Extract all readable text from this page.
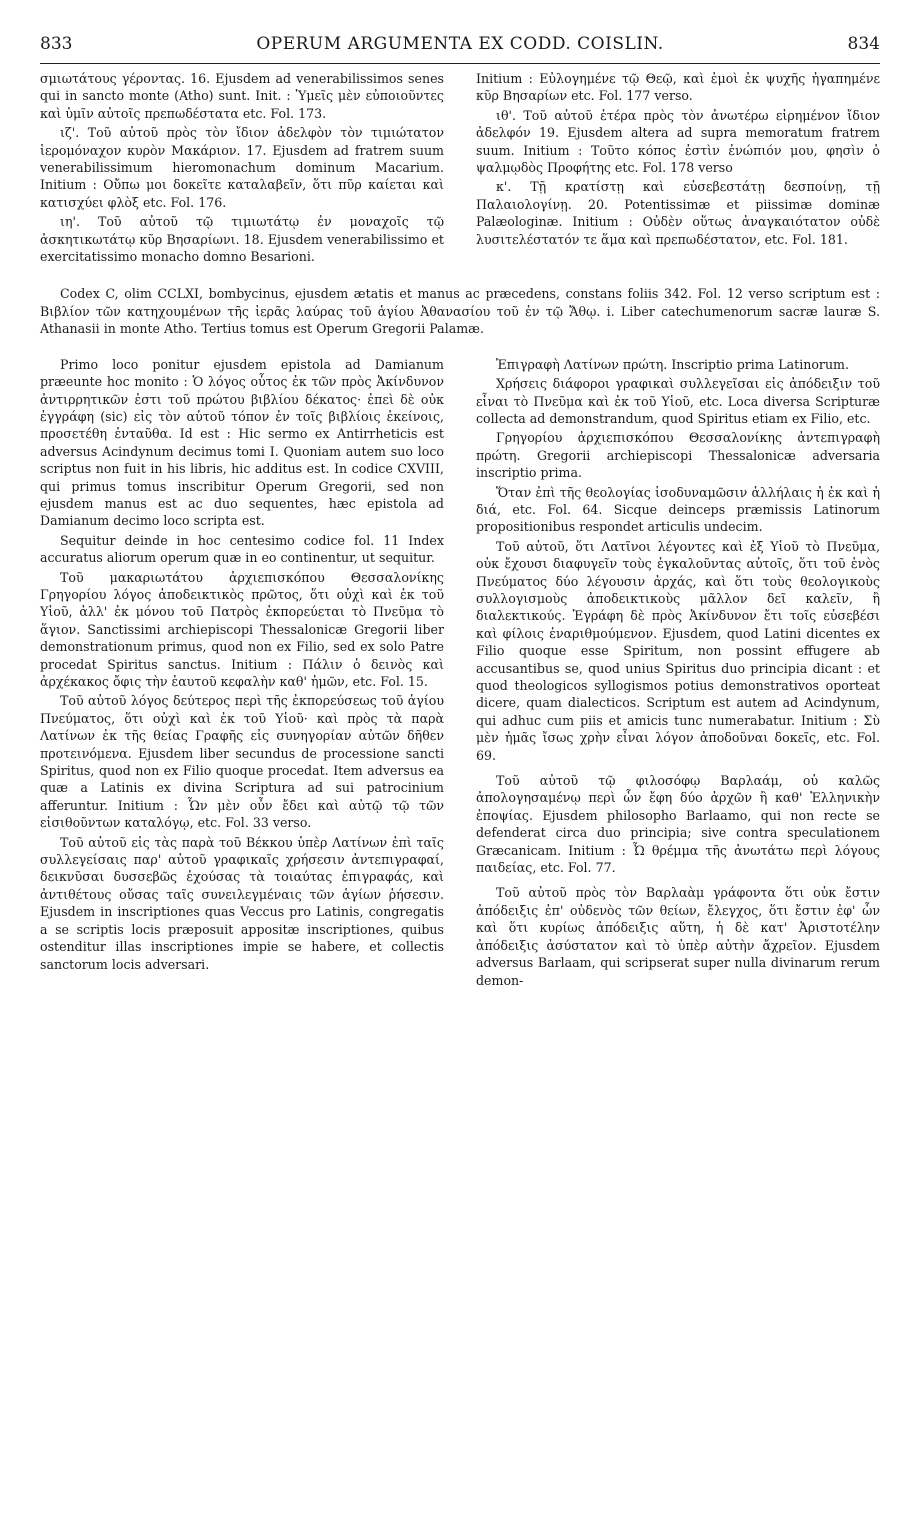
833	OPERUM ARGUMENTA EX CODD. COISLIN.	834

σμιωτάτους γέροντας. 16. Ejusdem ad venerabilissimos senes qui in sancto monte (Atho) sunt. Init. : Ὑμεῖς μὲν εὐποιοῦντες καὶ ὑμῖν αὐτοῖς πρεπωδέστατα etc. Fol. 173.

ιζ'. Τοῦ αὐτοῦ πρὸς τὸν ἴδιον ἀδελφὸν τὸν τιμιώτατον ἱερομόναχον κυρὸν Μακάριον. 17. Ejusdem ad fratrem suum venerabilissimum hieromonachum dominum Macarium. Initium : Οὔπω μοι δοκεῖτε καταλαβεῖν, ὅτι πῦρ καίεται καὶ κατισχύει φλὸξ etc. Fol. 176.

ιη'. Τοῦ αὐτοῦ τῷ τιμιωτάτῳ ἐν μοναχοῖς τῷ ἀσκητικωτάτῳ κῦρ Βησαρίωνι. 18. Ejusdem venerabilissimo et exercitatissimo monacho domno Besarioni.

Initium : Εὐλογημένε τῷ Θεῷ, καὶ ἐμοὶ ἐκ ψυχῆς ἠγαπημένε κῦρ Βησαρίων etc. Fol. 177 verso.

ιθ'. Τοῦ αὐτοῦ ἑτέρα πρὸς τὸν ἀνωτέρω εἰρημένον ἴδιον ἀδελφόν 19. Ejusdem altera ad supra memoratum fratrem suum. Initium : Τοῦτο κόπος ἐστὶν ἐνώπιόν μου, φησὶν ὁ ψαλμῳδὸς Προφήτης etc. Fol. 178 verso

κ'. Τῇ κρατίστῃ καὶ εὐσεβεστάτῃ δεσποίνῃ, τῇ Παλαιολογίνῃ. 20. Potentissimæ et piissimæ dominæ Palæologinæ. Initium : Οὐδὲν οὕτως ἀναγκαιότατον οὐδὲ λυσιτελέστατόν τε ἅμα καὶ πρεπωδέστατον, etc. Fol. 181.

Codex C, olim CCLXI, bombycinus, ejusdem ætatis et manus ac præcedens, constans foliis 342. Fol. 12 verso scriptum est : Βιβλίον τῶν κατηχουμένων τῆς ἱερᾶς λαύρας τοῦ ἁγίου Ἀθανασίου τοῦ ἐν τῷ Ἄθῳ. i. Liber catechumenorum sacræ lauræ S. Athanasii in monte Atho. Tertius tomus est Operum Gregorii Palamæ.

Primo loco ponitur ejusdem epistola ad Damianum præeunte hoc monito : Ὁ λόγος οὗτος ἐκ τῶν πρὸς Ἀκίνδυνον ἀντιρρητικῶν ἐστι τοῦ πρώτου βιβλίου δέκατος· ἐπεὶ δὲ οὐκ ἐγγράφη (sic) εἰς τὸν αὐτοῦ τόπον ἐν τοῖς βιβλίοις ἐκείνοις, προσετέθη ἐνταῦθα. Id est : Hic sermo ex Antirrheticis est adversus Acindynum decimus tomi I. Quoniam autem suo loco scriptus non fuit in his libris, hic additus est. In codice CXVIII, qui primus tomus inscribitur Operum Gregorii, sed non ejusdem manus est ac duo sequentes, hæc epistola ad Damianum decimo loco scripta est.

Sequitur deinde in hoc centesimo codice fol. 11 Index accuratus aliorum operum quæ in eo continentur, ut sequitur.

Τοῦ μακαριωτάτου ἀρχιεπισκόπου Θεσσαλονίκης Γρηγορίου λόγος ἀποδεικτικὸς πρῶτος, ὅτι οὐχὶ καὶ ἐκ τοῦ Υἱοῦ, ἀλλ' ἐκ μόνου τοῦ Πατρὸς ἐκπορεύεται τὸ Πνεῦμα τὸ ἅγιον. Sanctissimi archiepiscopi Thessalonicæ Gregorii liber demonstrationum primus, quod non ex Filio, sed ex solo Patre procedat Spiritus sanctus. Initium : Πάλιν ὁ δεινὸς καὶ ἀρχέκακος ὄφις τὴν ἑαυτοῦ κεφαλὴν καθ' ἡμῶν, etc. Fol. 15.

Τοῦ αὐτοῦ λόγος δεύτερος περὶ τῆς ἐκπορεύσεως τοῦ ἁγίου Πνεύματος, ὅτι οὐχὶ καὶ ἐκ τοῦ Υἱοῦ· καὶ πρὸς τὰ παρὰ Λατίνων ἐκ τῆς θείας Γραφῆς εἰς συνηγορίαν αὐτῶν δῆθεν προτεινόμενα. Ejusdem liber secundus de processione sancti Spiritus, quod non ex Filio quoque procedat. Item adversus ea quæ a Latinis ex divina Scriptura ad sui patrocinium afferuntur. Initium : Ὧν μὲν οὖν ἔδει καὶ αὐτῷ τῷ τῶν εἰσιθοῦντων καταλόγῳ, etc. Fol. 33 verso.

Τοῦ αὐτοῦ εἰς τὰς παρὰ τοῦ Βέκκου ὑπὲρ Λατίνων ἐπὶ ταῖς συλλεγείσαις παρ' αὐτοῦ γραφικαῖς χρήσεσιν ἀντεπιγραφαί, δεικνῦσαι δυσσεβῶς ἐχούσας τὰ τοιαύτας ἐπιγραφάς, καὶ ἀντιθέτους οὔσας ταῖς συνειλεγμέναις τῶν ἁγίων ῥήσεσιν. Ejusdem in inscriptiones quas Veccus pro Latinis, congregatis a se scriptis locis præposuit appositæ inscriptiones, quibus ostenditur illas inscriptiones impie se habere, et collectis sanctorum locis adversari.

Ἐπιγραφὴ Λατίνων πρώτη. Inscriptio prima Latinorum.

Χρήσεις διάφοροι γραφικαὶ συλλεγεῖσαι εἰς ἀπόδειξιν τοῦ εἶναι τὸ Πνεῦμα καὶ ἐκ τοῦ Υἱοῦ, etc. Loca diversa Scripturæ collecta ad demonstrandum, quod Spiritus etiam ex Filio, etc.

Γρηγορίου ἀρχιεπισκόπου Θεσσαλονίκης ἀντεπιγραφὴ πρώτη. Gregorii archiepiscopi Thessalonicæ adversaria inscriptio prima.

Ὅταν ἐπὶ τῆς θεολογίας ἰσοδυναμῶσιν ἀλλήλαις ἡ ἐκ καὶ ἡ διά, etc. Fol. 64. Sicque deinceps præmissis Latinorum propositionibus respondet articulis undecim.

Τοῦ αὐτοῦ, ὅτι Λατῖνοι λέγοντες καὶ ἐξ Υἱοῦ τὸ Πνεῦμα, οὐκ ἔχουσι διαφυγεῖν τοὺς ἐγκαλοῦντας αὐτοῖς, ὅτι τοῦ ἑνὸς Πνεύματος δύο λέγουσιν ἀρχάς, καὶ ὅτι τοὺς θεολογικοὺς συλλογισμοὺς ἀποδεικτικοὺς μᾶλλον δεῖ καλεῖν, ἢ διαλεκτικούς. Ἐγράφη δὲ πρὸς Ἀκίνδυνον ἔτι τοῖς εὐσεβέσι καὶ φίλοις ἐναριθμούμενον. Ejusdem, quod Latini dicentes ex Filio quoque esse Spiritum, non possint effugere ab accusantibus se, quod unius Spiritus duo principia dicant : et quod theologicos syllogismos potius demonstrativos oporteat dicere, quam dialecticos. Scriptum est autem ad Acindynum, qui adhuc cum piis et amicis tunc numerabatur. Initium : Σὺ μὲν ἡμᾶς ἴσως χρὴν εἶναι λόγον ἀποδοῦναι δοκεῖς, etc. Fol. 69.

Τοῦ αὐτοῦ τῷ φιλοσόφῳ Βαρλαάμ, οὐ καλῶς ἀπολογησαμένῳ περὶ ὧν ἔφη δύο ἀρχῶν ἢ καθ' Ἑλληνικὴν ἐποψίας. Ejusdem philosopho Barlaamo, qui non recte se defenderat circa duo principia; sive contra speculationem Græcanicam. Initium : Ὦ θρέμμα τῆς ἀνωτάτω περὶ λόγους παιδείας, etc. Fol. 77.

Τοῦ αὐτοῦ πρὸς τὸν Βαρλαὰμ γράφοντα ὅτι οὐκ ἔστιν ἀπόδειξις ἐπ' οὐδενὸς τῶν θείων, ἔλεγχος, ὅτι ἔστιν ἐφ' ὧν καὶ ὅτι κυρίως ἀπόδειξις αὕτη, ἡ δὲ κατ' Ἀριστοτέλην ἀπόδειξις ἀσύστατον καὶ τὸ ὑπὲρ αὐτὴν ἄχρεῖον. Ejusdem adversus Barlaam, qui scripserat super nulla divinarum rerum demon-
